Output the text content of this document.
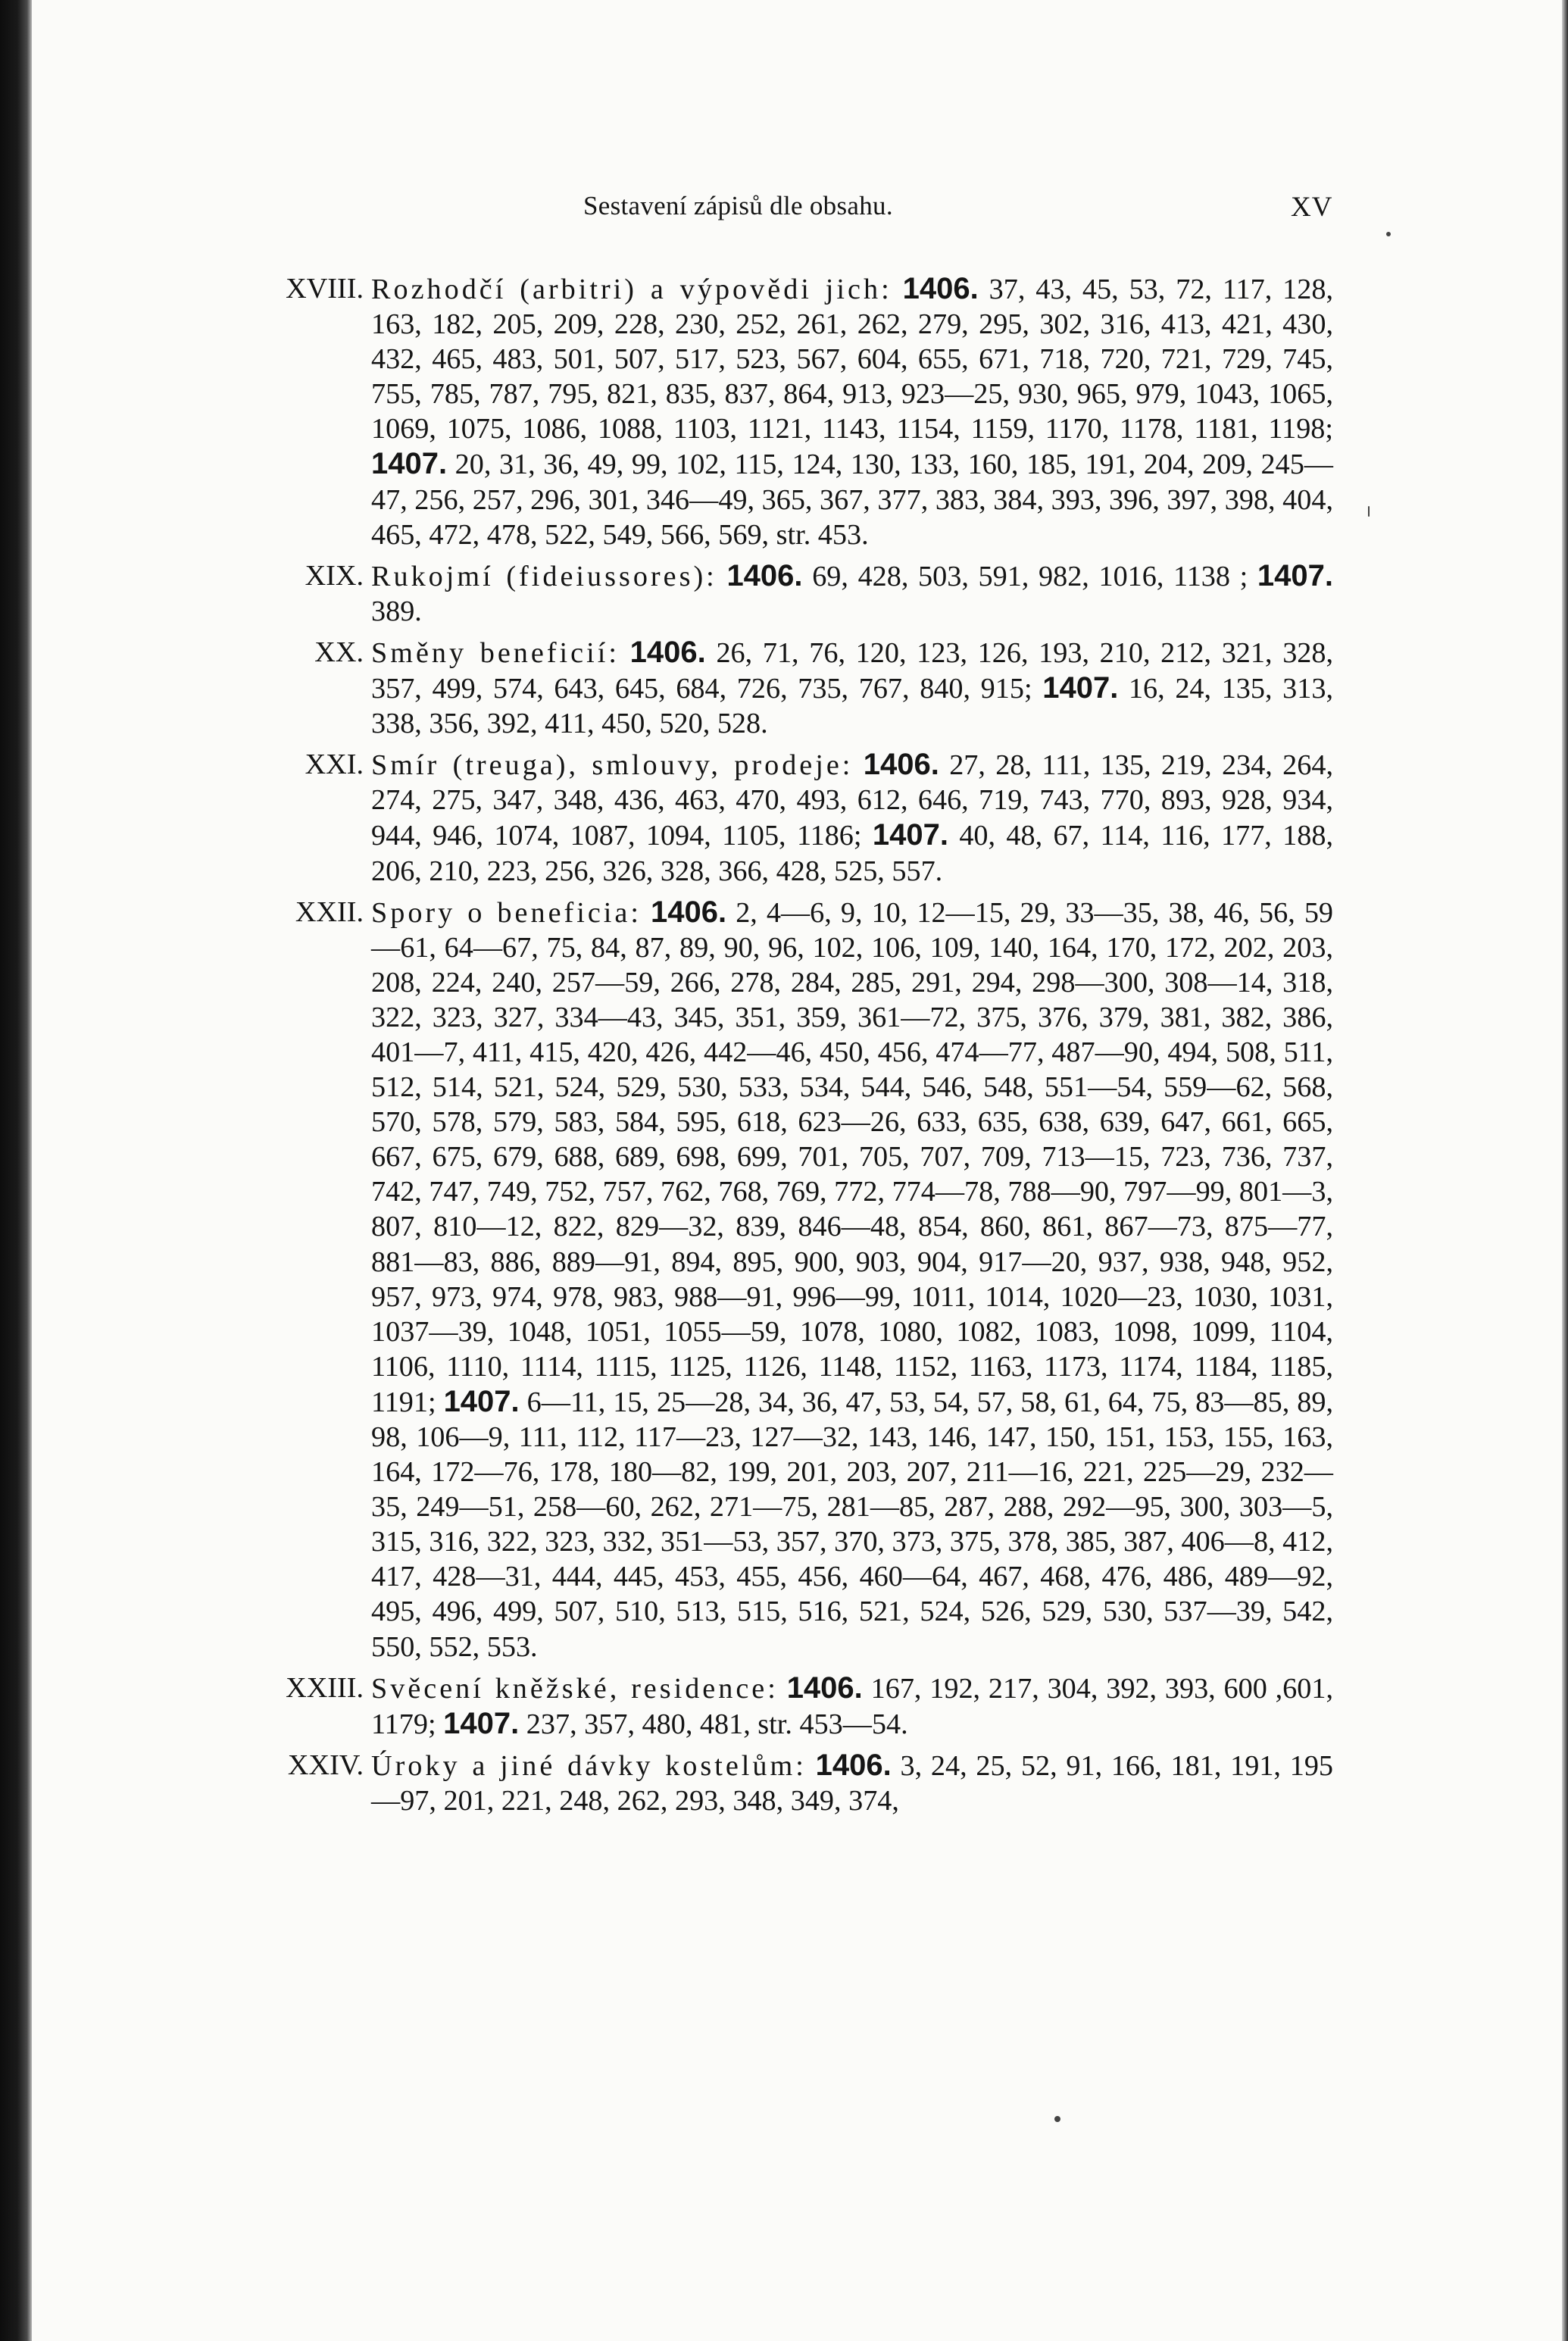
Sestavení zápisů dle obsahu.	XV
XVIII. Rozhodčí (arbitri) a výpovědi jich: 1406. 37, 43, 45, 53, 72, 117, 128, 163, 182, 205, 209, 228, 230, 252, 261, 262, 279, 295, 302, 316, 413, 421, 430, 432, 465, 483, 501, 507, 517, 523, 567, 604, 655, 671, 718, 720, 721, 729, 745, 755, 785, 787, 795, 821, 835, 837, 864, 913, 923—25, 930, 965, 979, 1043, 1065, 1069, 1075, 1086, 1088, 1103, 1121, 1143, 1154, 1159, 1170, 1178, 1181, 1198; 1407. 20, 31, 36, 49, 99, 102, 115, 124, 130, 133, 160, 185, 191, 204, 209, 245—47, 256, 257, 296, 301, 346—49, 365, 367, 377, 383, 384, 393, 396, 397, 398, 404, 465, 472, 478, 522, 549, 566, 569, str. 453.
XIX. Rukojmí (fideiussores): 1406. 69, 428, 503, 591, 982, 1016, 1138 ; 1407. 389.
XX. Směny beneficií: 1406. 26, 71, 76, 120, 123, 126, 193, 210, 212, 321, 328, 357, 499, 574, 643, 645, 684, 726, 735, 767, 840, 915; 1407. 16, 24, 135, 313, 338, 356, 392, 411, 450, 520, 528.
XXI. Smír (treuga), smlouvy, prodeje: 1406. 27, 28, 111, 135, 219, 234, 264, 274, 275, 347, 348, 436, 463, 470, 493, 612, 646, 719, 743, 770, 893, 928, 934, 944, 946, 1074, 1087, 1094, 1105, 1186; 1407. 40, 48, 67, 114, 116, 177, 188, 206, 210, 223, 256, 326, 328, 366, 428, 525, 557.
XXII. Spory o beneficia: 1406. 2, 4—6, 9, 10, 12—15, 29, 33—35, 38, 46, 56, 59—61, 64—67, 75, 84, 87, 89, 90, 96, 102, 106, 109, 140, 164, 170, 172, 202, 203, 208, 224, 240, 257—59, 266, 278, 284, 285, 291, 294, 298—300, 308—14, 318, 322, 323, 327, 334—43, 345, 351, 359, 361—72, 375, 376, 379, 381, 382, 386, 401—7, 411, 415, 420, 426, 442—46, 450, 456, 474—77, 487—90, 494, 508, 511, 512, 514, 521, 524, 529, 530, 533, 534, 544, 546, 548, 551—54, 559—62, 568, 570, 578, 579, 583, 584, 595, 618, 623—26, 633, 635, 638, 639, 647, 661, 665, 667, 675, 679, 688, 689, 698, 699, 701, 705, 707, 709, 713—15, 723, 736, 737, 742, 747, 749, 752, 757, 762, 768, 769, 772, 774—78, 788—90, 797—99, 801—3, 807, 810—12, 822, 829—32, 839, 846—48, 854, 860, 861, 867—73, 875—77, 881—83, 886, 889—91, 894, 895, 900, 903, 904, 917—20, 937, 938, 948, 952, 957, 973, 974, 978, 983, 988—91, 996—99, 1011, 1014, 1020—23, 1030, 1031, 1037—39, 1048, 1051, 1055—59, 1078, 1080, 1082, 1083, 1098, 1099, 1104, 1106, 1110, 1114, 1115, 1125, 1126, 1148, 1152, 1163, 1173, 1174, 1184, 1185, 1191; 1407. 6—11, 15, 25—28, 34, 36, 47, 53, 54, 57, 58, 61, 64, 75, 83—85, 89, 98, 106—9, 111, 112, 117—23, 127—32, 143, 146, 147, 150, 151, 153, 155, 163, 164, 172—76, 178, 180—82, 199, 201, 203, 207, 211—16, 221, 225—29, 232—35, 249—51, 258—60, 262, 271—75, 281—85, 287, 288, 292—95, 300, 303—5, 315, 316, 322, 323, 332, 351—53, 357, 370, 373, 375, 378, 385, 387, 406—8, 412, 417, 428—31, 444, 445, 453, 455, 456, 460—64, 467, 468, 476, 486, 489—92, 495, 496, 499, 507, 510, 513, 515, 516, 521, 524, 526, 529, 530, 537—39, 542, 550, 552, 553.
XXIII. Svěcení kněžské, residence: 1406. 167, 192, 217, 304, 392, 393, 600 ,601, 1179; 1407. 237, 357, 480, 481, str. 453—54.
XXIV. Úroky a jiné dávky kostelům: 1406. 3, 24, 25, 52, 91, 166, 181, 191, 195—97, 201, 221, 248, 262, 293, 348, 349, 374,
